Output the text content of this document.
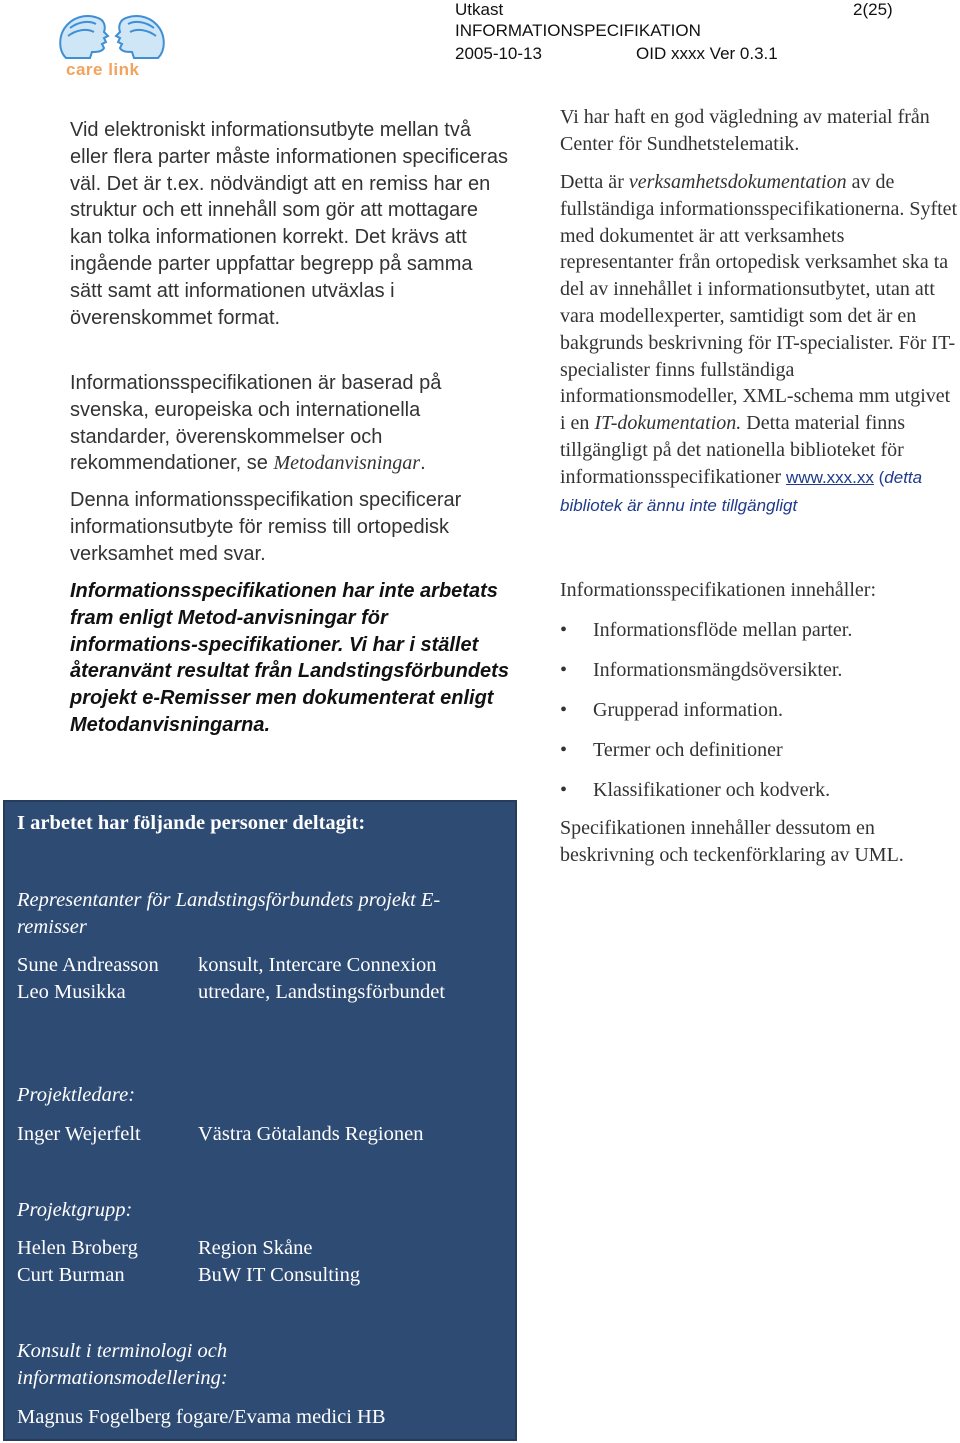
care link
Utkast
INFORMATIONSPECIFIKATION
2005-10-13	OID xxxx Ver 0.3.1
2(25)

Vid elektroniskt informationsutbyte mellan två eller flera parter måste informationen specificeras väl. Det är t.ex. nödvändigt att en remiss har en struktur och ett innehåll som gör att mottagare kan tolka informationen korrekt. Det krävs att ingående parter uppfattar begrepp på samma sätt samt att informationen utväxlas i överenskommet format.

Informationsspecifikationen är baserad på svenska, europeiska och internationella standarder, överenskommelser och rekommendationer, se Metodanvisningar.

Denna informationsspecifikation specificerar informationsutbyte för remiss till ortopedisk verksamhet med svar.

Informationsspecifikationen har inte arbetats fram enligt Metod-anvisningar för informations-specifikationer. Vi har i stället återanvänt resultat från Landstingsförbundets projekt e-Remisser men dokumenterat enligt Metodanvisningarna.

I arbetet har följande personer deltagit:
Representanter för Landstingsförbundets projekt E-remisser
Sune Andreasson konsult, Intercare Connexion
Leo Musikka	utredare, Landstingsförbundet
Projektledare:
Inger Wejerfelt	Västra Götalands Regionen
Projektgrupp:
Helen Broberg	Region Skåne
Curt Burman	BuW IT Consulting
Konsult i terminologi och
informationsmodellering:
Magnus Fogelberg fogare/Evama medici HB

Vi har haft en god vägledning av material från Center för Sundhetstelematik.

Detta är verksamhetsdokumentation av de fullständiga informationsspecifikationerna. Syftet med dokumentet är att verksamhets representanter från ortopedisk verksamhet ska ta del av innehållet i informationsutbytet, utan att vara modellexperter, samtidigt som det är en bakgrunds beskrivning för IT-specialister. För IT-specialister finns fullständiga informationsmodeller, XML-schema mm utgivet i en IT-dokumentation. Detta material finns tillgängligt på det nationella biblioteket för informationsspecifikationer www.xxx.xx (detta bibliotek är ännu inte tillgängligt

Informationsspecifikationen innehåller:

• Informationsflöde mellan parter.
• Informationsmängdsöversikter.
• Grupperad information.
• Termer och definitioner
• Klassifikationer och kodverk.

Specifikationen innehåller dessutom en beskrivning och teckenförklaring av UML.
